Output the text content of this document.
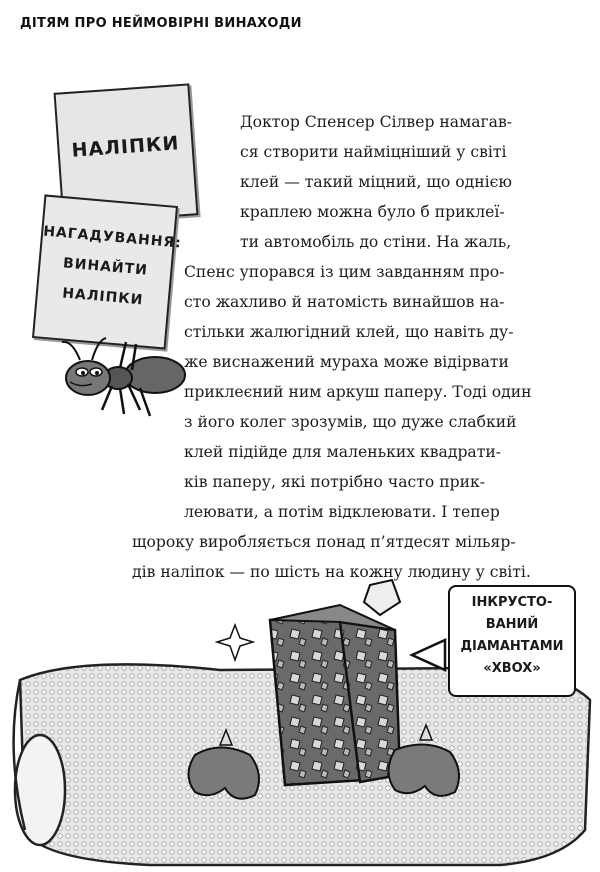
ДІТЯМ ПРО НЕЙМОВІРНІ ВИНАХОДИ
НАЛІПКИ
НАГАДУВАННЯ:
ВИНАЙТИ
НАЛІПКИ
Доктор Спенсер Сілвер намагав-
ся створити найміцніший у світі
клей — такий міцний, що однією
краплею можна було б приклеї-
ти автомобіль до стіни. На жаль,
Спенс упорався із цим завданням про-
сто жахливо й натомість винайшов на-
стільки жалюгідний клей, що навіть ду-
же виснажений мураха може відірвати
приклеєний ним аркуш паперу. Тоді один
з його колег зрозумів, що дуже слабкий
клей підійде для маленьких квадрати-
ків паперу, які потрібно часто прик-
леювати, а потім відклеювати. І тепер
щороку виробляється понад п’ятдесят мільяр-
дів наліпок — по шість на кожну людину у світі.
ІНКРУСТО-
ВАНИЙ
ДІАМАНТАМИ
«XBOX»
